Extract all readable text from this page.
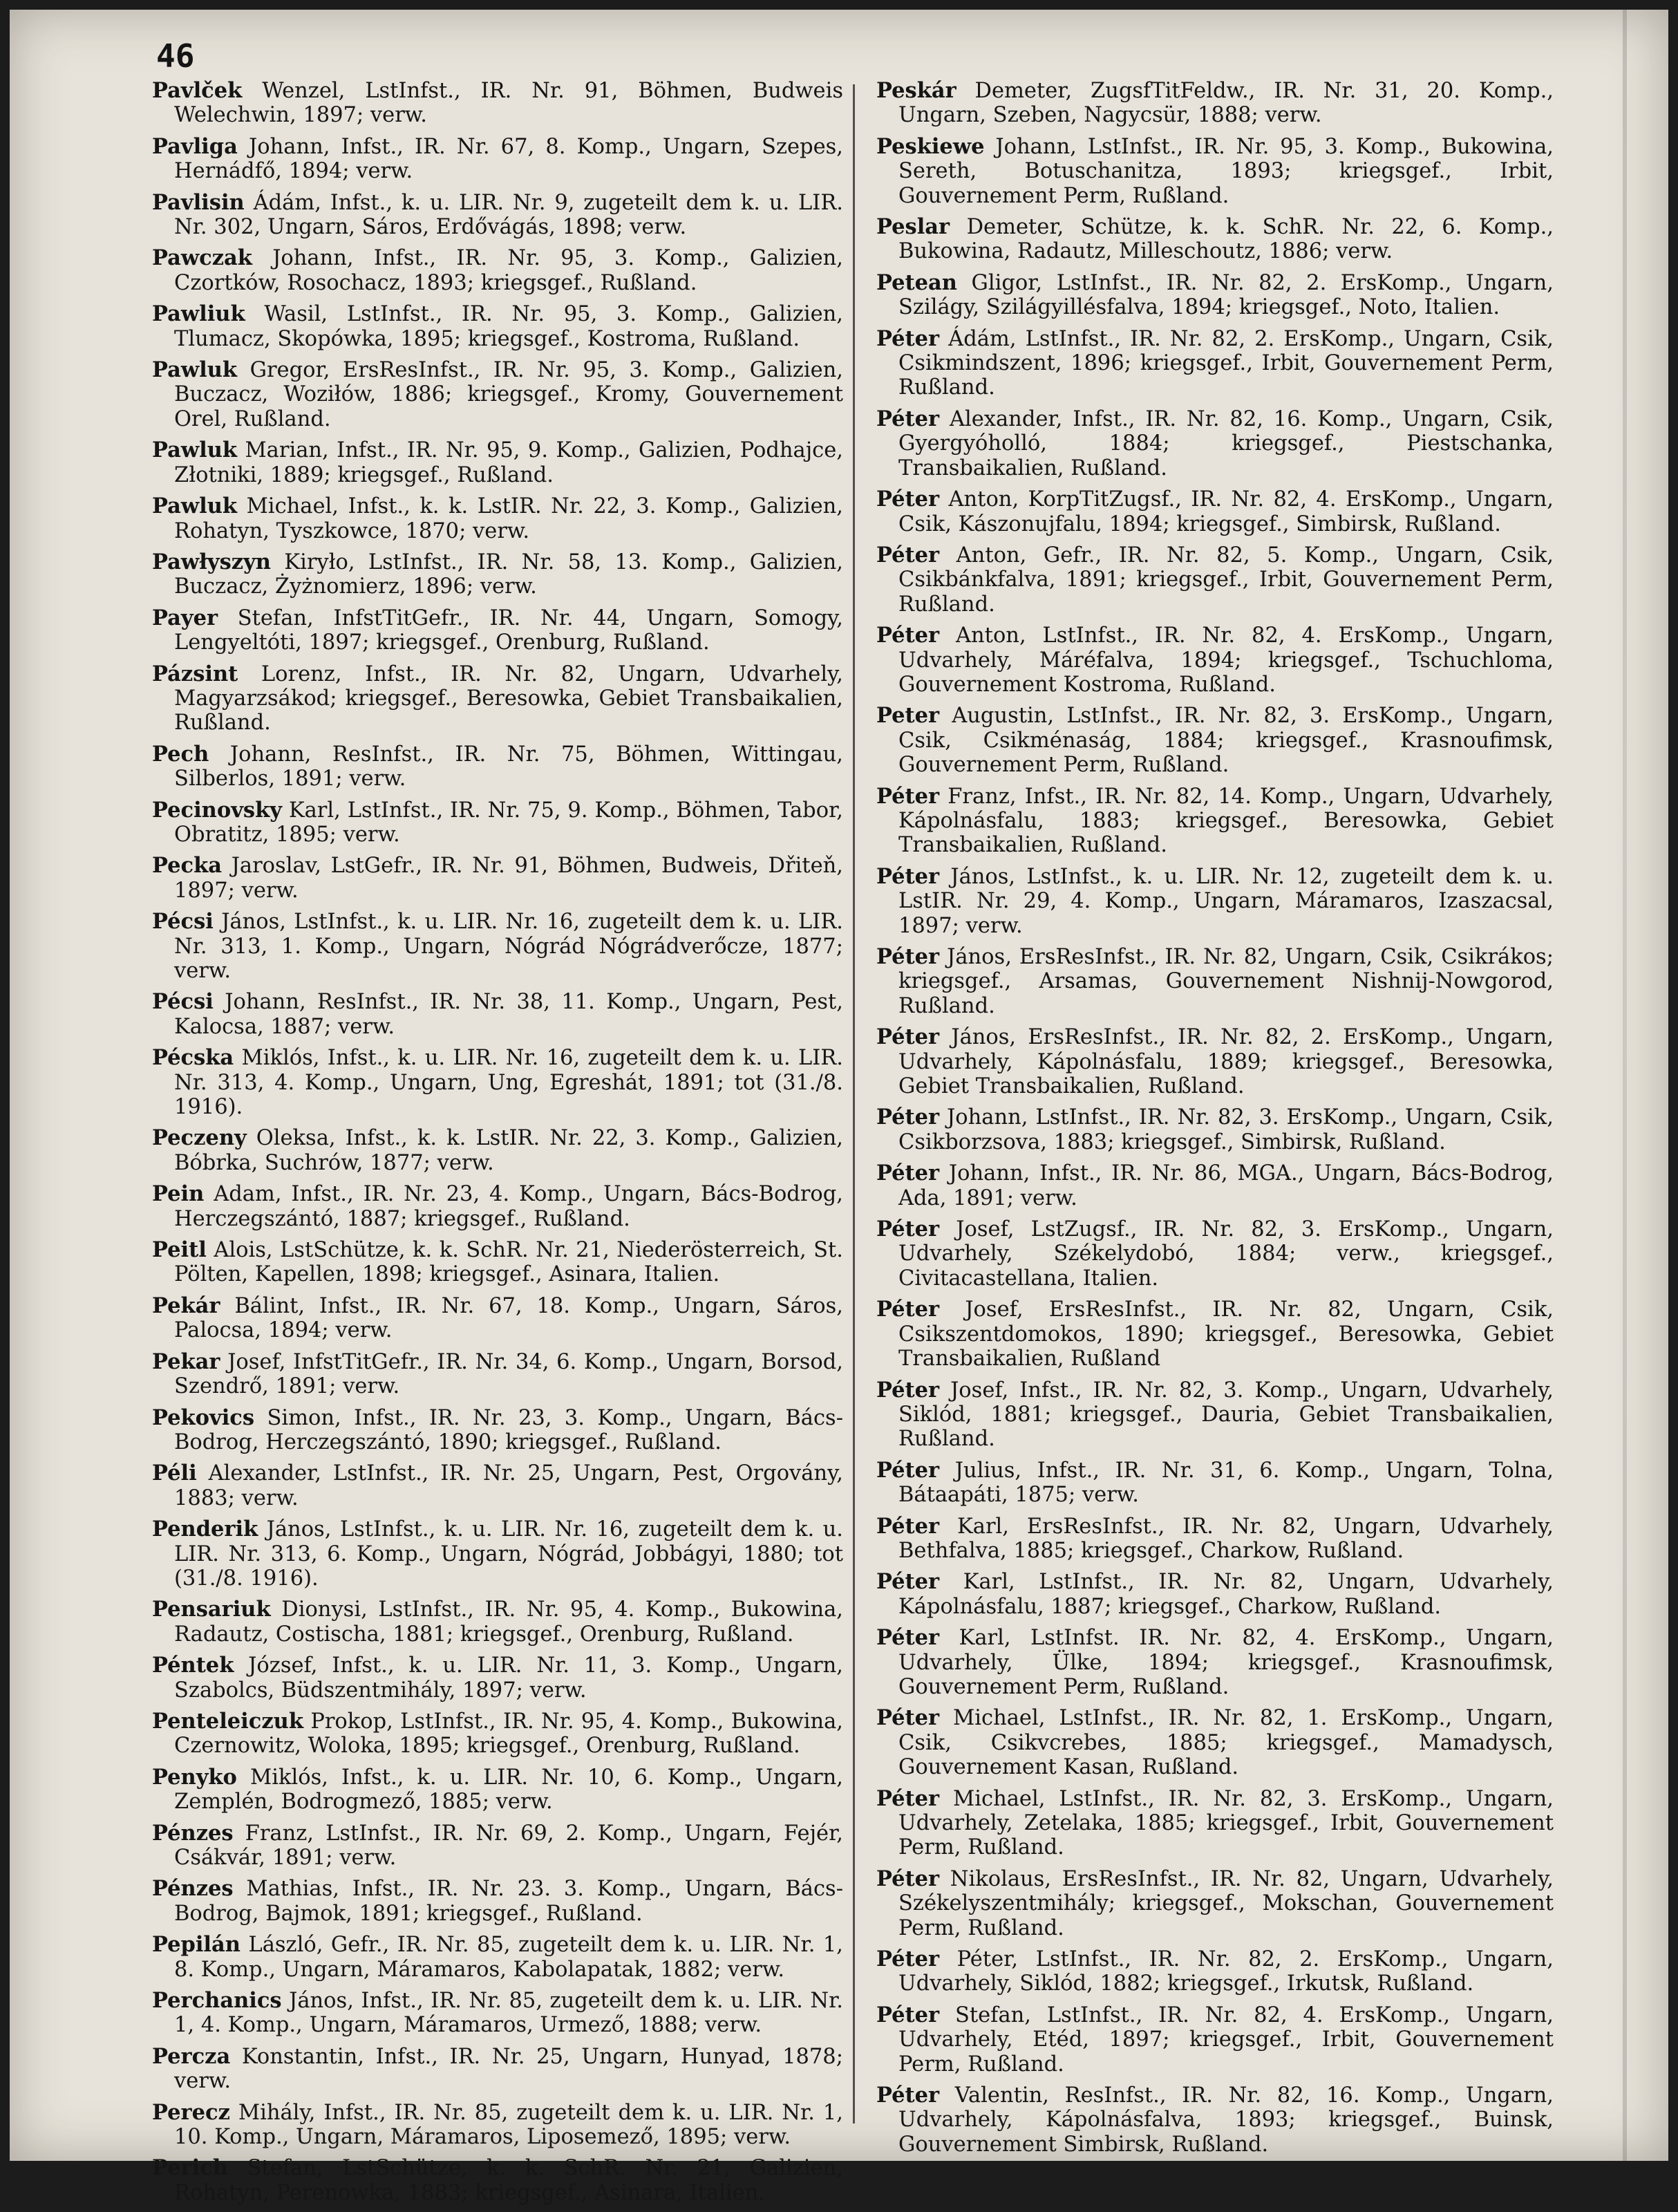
46
Pavlček Wenzel, LstInfst., IR. Nr. 91, Böhmen, Budweis Welechwin, 1897; verw.
Pavliga Johann, Infst., IR. Nr. 67, 8. Komp., Ungarn, Szepes, Hernádfő, 1894; verw.
Pavlisin Ádám, Infst., k. u. LIR. Nr. 9, zugeteilt dem k. u. LIR. Nr. 302, Ungarn, Sáros, Erdővágás, 1898; verw.
Pawczak Johann, Infst., IR. Nr. 95, 3. Komp., Galizien, Czortków, Rosochacz, 1893; kriegsgef., Rußland.
Pawliuk Wasil, LstInfst., IR. Nr. 95, 3. Komp., Galizien, Tlumacz, Skopówka, 1895; kriegsgef., Kostroma, Rußland.
Pawluk Gregor, ErsResInfst., IR. Nr. 95, 3. Komp., Galizien, Buczacz, Woziłów, 1886; kriegsgef., Kromy, Gouvernement Orel, Rußland.
Pawluk Marian, Infst., IR. Nr. 95, 9. Komp., Galizien, Podhajce, Złotniki, 1889; kriegsgef., Rußland.
Pawluk Michael, Infst., k. k. LstIR. Nr. 22, 3. Komp., Galizien, Rohatyn, Tyszkowce, 1870; verw.
Pawłyszyn Kiryło, LstInfst., IR. Nr. 58, 13. Komp., Galizien, Buczacz, Żyżnomierz, 1896; verw.
Payer Stefan, InfstTitGefr., IR. Nr. 44, Ungarn, Somogy, Lengyeltóti, 1897; kriegsgef., Orenburg, Rußland.
Pázsint Lorenz, Infst., IR. Nr. 82, Ungarn, Udvarhely, Magyarzsákod; kriegsgef., Beresowka, Gebiet Transbaikalien, Rußland.
Pech Johann, ResInfst., IR. Nr. 75, Böhmen, Wittingau, Silberlos, 1891; verw.
Pecinovsky Karl, LstInfst., IR. Nr. 75, 9. Komp., Böhmen, Tabor, Obratitz, 1895; verw.
Pecka Jaroslav, LstGefr., IR. Nr. 91, Böhmen, Budweis, Dřiteň, 1897; verw.
Pécsi János, LstInfst., k. u. LIR. Nr. 16, zugeteilt dem k. u. LIR. Nr. 313, 1. Komp., Ungarn, Nógrád Nógrádverőcze, 1877; verw.
Pécsi Johann, ResInfst., IR. Nr. 38, 11. Komp., Ungarn, Pest, Kalocsa, 1887; verw.
Pécska Miklós, Infst., k. u. LIR. Nr. 16, zugeteilt dem k. u. LIR. Nr. 313, 4. Komp., Ungarn, Ung, Egreshát, 1891; tot (31./8. 1916).
Peczeny Oleksa, Infst., k. k. LstIR. Nr. 22, 3. Komp., Galizien, Bóbrka, Suchrów, 1877; verw.
Pein Adam, Infst., IR. Nr. 23, 4. Komp., Ungarn, Bács-Bodrog, Herczegszántó, 1887; kriegsgef., Rußland.
Peitl Alois, LstSchütze, k. k. SchR. Nr. 21, Niederösterreich, St. Pölten, Kapellen, 1898; kriegsgef., Asinara, Italien.
Pekár Bálint, Infst., IR. Nr. 67, 18. Komp., Ungarn, Sáros, Palocsa, 1894; verw.
Pekar Josef, InfstTitGefr., IR. Nr. 34, 6. Komp., Ungarn, Borsod, Szendrő, 1891; verw.
Pekovics Simon, Infst., IR. Nr. 23, 3. Komp., Ungarn, Bács-Bodrog, Herczegszántó, 1890; kriegsgef., Rußland.
Péli Alexander, LstInfst., IR. Nr. 25, Ungarn, Pest, Orgovány, 1883; verw.
Penderik János, LstInfst., k. u. LIR. Nr. 16, zugeteilt dem k. u. LIR. Nr. 313, 6. Komp., Ungarn, Nógrád, Jobbágyi, 1880; tot (31./8. 1916).
Pensariuk Dionysi, LstInfst., IR. Nr. 95, 4. Komp., Bukowina, Radautz, Costischa, 1881; kriegsgef., Orenburg, Rußland.
Péntek József, Infst., k. u. LIR. Nr. 11, 3. Komp., Ungarn, Szabolcs, Büdszentmihály, 1897; verw.
Penteleiczuk Prokop, LstInfst., IR. Nr. 95, 4. Komp., Bukowina, Czernowitz, Woloka, 1895; kriegsgef., Orenburg, Rußland.
Penyko Miklós, Infst., k. u. LIR. Nr. 10, 6. Komp., Ungarn, Zemplén, Bodrogmező, 1885; verw.
Pénzes Franz, LstInfst., IR. Nr. 69, 2. Komp., Ungarn, Fejér, Csákvár, 1891; verw.
Pénzes Mathias, Infst., IR. Nr. 23. 3. Komp., Ungarn, Bács-Bodrog, Bajmok, 1891; kriegsgef., Rußland.
Pepilán László, Gefr., IR. Nr. 85, zugeteilt dem k. u. LIR. Nr. 1, 8. Komp., Ungarn, Máramaros, Kabolapatak, 1882; verw.
Perchanics János, Infst., IR. Nr. 85, zugeteilt dem k. u. LIR. Nr. 1, 4. Komp., Ungarn, Máramaros, Urmező, 1888; verw.
Percza Konstantin, Infst., IR. Nr. 25, Ungarn, Hunyad, 1878; verw.
Perecz Mihály, Infst., IR. Nr. 85, zugeteilt dem k. u. LIR. Nr. 1, 10. Komp., Ungarn, Máramaros, Liposemező, 1895; verw.
Perich Stefan, LstSchütze, k. k. SchR. Nr. 21, Galizien, Rohatyn, Perenowka, 1883; kriegsgef., Asinara, Italien.
Peskár Demeter, ZugsfTitFeldw., IR. Nr. 31, 20. Komp., Ungarn, Szeben, Nagycsür, 1888; verw.
Peskiewe Johann, LstInfst., IR. Nr. 95, 3. Komp., Bukowina, Sereth, Botuschanitza, 1893; kriegsgef., Irbit, Gouvernement Perm, Rußland.
Peslar Demeter, Schütze, k. k. SchR. Nr. 22, 6. Komp., Bukowina, Radautz, Milleschoutz, 1886; verw.
Petean Gligor, LstInfst., IR. Nr. 82, 2. ErsKomp., Ungarn, Szilágy, Szilágyillésfalva, 1894; kriegsgef., Noto, Italien.
Péter Ádám, LstInfst., IR. Nr. 82, 2. ErsKomp., Ungarn, Csik, Csikmindszent, 1896; kriegsgef., Irbit, Gouvernement Perm, Rußland.
Péter Alexander, Infst., IR. Nr. 82, 16. Komp., Ungarn, Csik, Gyergyóholló, 1884; kriegsgef., Piestschanka, Transbaikalien, Rußland.
Péter Anton, KorpTitZugsf., IR. Nr. 82, 4. ErsKomp., Ungarn, Csik, Kászonujfalu, 1894; kriegsgef., Simbirsk, Rußland.
Péter Anton, Gefr., IR. Nr. 82, 5. Komp., Ungarn, Csik, Csikbánkfalva, 1891; kriegsgef., Irbit, Gouvernement Perm, Rußland.
Péter Anton, LstInfst., IR. Nr. 82, 4. ErsKomp., Ungarn, Udvarhely, Máréfalva, 1894; kriegsgef., Tschuchloma, Gouvernement Kostroma, Rußland.
Peter Augustin, LstInfst., IR. Nr. 82, 3. ErsKomp., Ungarn, Csik, Csikménaság, 1884; kriegsgef., Krasnoufimsk, Gouvernement Perm, Rußland.
Péter Franz, Infst., IR. Nr. 82, 14. Komp., Ungarn, Udvarhely, Kápolnásfalu, 1883; kriegsgef., Beresowka, Gebiet Transbaikalien, Rußland.
Péter János, LstInfst., k. u. LIR. Nr. 12, zugeteilt dem k. u. LstIR. Nr. 29, 4. Komp., Ungarn, Máramaros, Izaszacsal, 1897; verw.
Péter János, ErsResInfst., IR. Nr. 82, Ungarn, Csik, Csikrákos; kriegsgef., Arsamas, Gouvernement Nishnij-Nowgorod, Rußland.
Péter János, ErsResInfst., IR. Nr. 82, 2. ErsKomp., Ungarn, Udvarhely, Kápolnásfalu, 1889; kriegsgef., Beresowka, Gebiet Transbaikalien, Rußland.
Péter Johann, LstInfst., IR. Nr. 82, 3. ErsKomp., Ungarn, Csik, Csikborzsova, 1883; kriegsgef., Simbirsk, Rußland.
Péter Johann, Infst., IR. Nr. 86, MGA., Ungarn, Bács-Bodrog, Ada, 1891; verw.
Péter Josef, LstZugsf., IR. Nr. 82, 3. ErsKomp., Ungarn, Udvarhely, Székelydobó, 1884; verw., kriegsgef., Civitacastellana, Italien.
Péter Josef, ErsResInfst., IR. Nr. 82, Ungarn, Csik, Csikszentdomokos, 1890; kriegsgef., Beresowka, Gebiet Transbaikalien, Rußland
Péter Josef, Infst., IR. Nr. 82, 3. Komp., Ungarn, Udvarhely, Siklód, 1881; kriegsgef., Dauria, Gebiet Transbaikalien, Rußland.
Péter Julius, Infst., IR. Nr. 31, 6. Komp., Ungarn, Tolna, Bátaapáti, 1875; verw.
Péter Karl, ErsResInfst., IR. Nr. 82, Ungarn, Udvarhely, Bethfalva, 1885; kriegsgef., Charkow, Rußland.
Péter Karl, LstInfst., IR. Nr. 82, Ungarn, Udvarhely, Kápolnásfalu, 1887; kriegsgef., Charkow, Rußland.
Péter Karl, LstInfst. IR. Nr. 82, 4. ErsKomp., Ungarn, Udvarhely, Ülke, 1894; kriegsgef., Krasnoufimsk, Gouvernement Perm, Rußland.
Péter Michael, LstInfst., IR. Nr. 82, 1. ErsKomp., Ungarn, Csik, Csikvcrebes, 1885; kriegsgef., Mamadysch, Gouvernement Kasan, Rußland.
Péter Michael, LstInfst., IR. Nr. 82, 3. ErsKomp., Ungarn, Udvarhely, Zetelaka, 1885; kriegsgef., Irbit, Gouvernement Perm, Rußland.
Péter Nikolaus, ErsResInfst., IR. Nr. 82, Ungarn, Udvarhely, Székelyszentmihály; kriegsgef., Mokschan, Gouvernement Perm, Rußland.
Péter Péter, LstInfst., IR. Nr. 82, 2. ErsKomp., Ungarn, Udvarhely, Siklód, 1882; kriegsgef., Irkutsk, Rußland.
Péter Stefan, LstInfst., IR. Nr. 82, 4. ErsKomp., Ungarn, Udvarhely, Etéd, 1897; kriegsgef., Irbit, Gouvernement Perm, Rußland.
Péter Valentin, ResInfst., IR. Nr. 82, 16. Komp., Ungarn, Udvarhely, Kápolnásfalva, 1893; kriegsgef., Buinsk, Gouvernement Simbirsk, Rußland.
